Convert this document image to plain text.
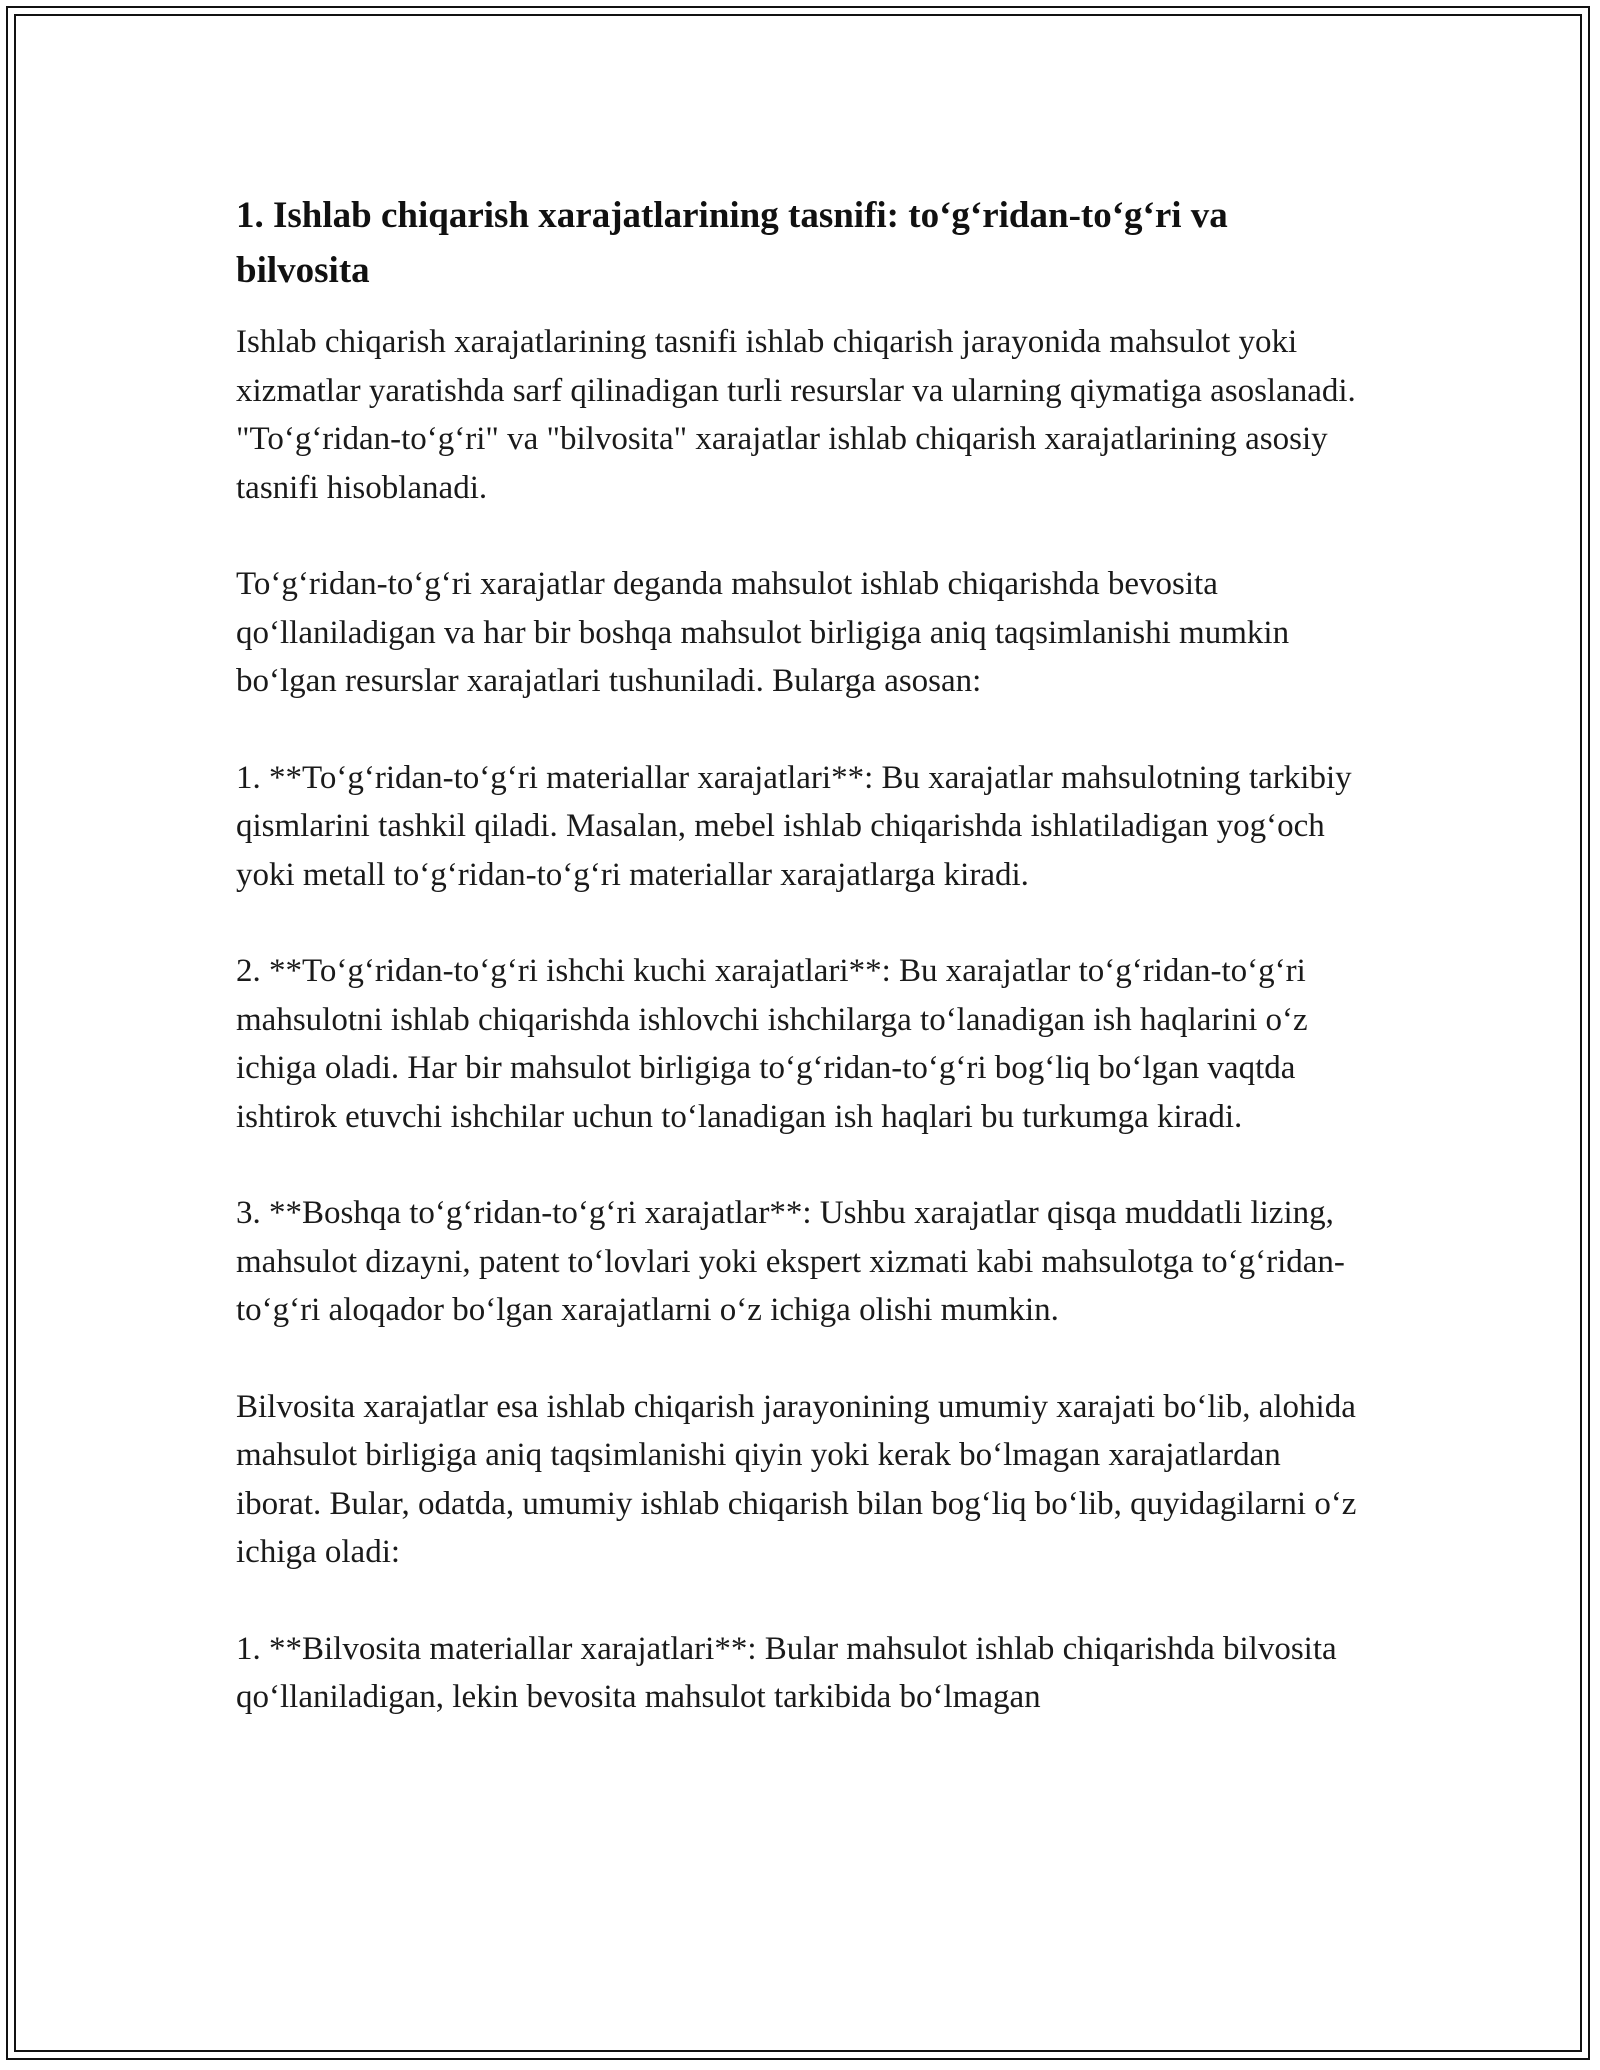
1. Ishlab chiqarish xarajatlarining tasnifi: to‘g‘ridan-to‘g‘ri va bilvosita

Ishlab chiqarish xarajatlarining tasnifi ishlab chiqarish jarayonida mahsulot yoki xizmatlar yaratishda sarf qilinadigan turli resurslar va ularning qiymatiga asoslanadi. "To‘g‘ridan-to‘g‘ri" va "bilvosita" xarajatlar ishlab chiqarish xarajatlarining asosiy tasnifi hisoblanadi.

To‘g‘ridan-to‘g‘ri xarajatlar deganda mahsulot ishlab chiqarishda bevosita qo‘llaniladigan va har bir boshqa mahsulot birligiga aniq taqsimlanishi mumkin bo‘lgan resurslar xarajatlari tushuniladi. Bularga asosan:

1. **To‘g‘ridan-to‘g‘ri materiallar xarajatlari**: Bu xarajatlar mahsulotning tarkibiy qismlarini tashkil qiladi. Masalan, mebel ishlab chiqarishda ishlatiladigan yog‘och yoki metall to‘g‘ridan-to‘g‘ri materiallar xarajatlarga kiradi.

2. **To‘g‘ridan-to‘g‘ri ishchi kuchi xarajatlari**: Bu xarajatlar to‘g‘ridan-to‘g‘ri mahsulotni ishlab chiqarishda ishlovchi ishchilarga to‘lanadigan ish haqlarini o‘z ichiga oladi. Har bir mahsulot birligiga to‘g‘ridan-to‘g‘ri bog‘liq bo‘lgan vaqtda ishtirok etuvchi ishchilar uchun to‘lanadigan ish haqlari bu turkumga kiradi.

3. **Boshqa to‘g‘ridan-to‘g‘ri xarajatlar**: Ushbu xarajatlar qisqa muddatli lizing, mahsulot dizayni, patent to‘lovlari yoki ekspert xizmati kabi mahsulotga to‘g‘ridan-to‘g‘ri aloqador bo‘lgan xarajatlarni o‘z ichiga olishi mumkin.

Bilvosita xarajatlar esa ishlab chiqarish jarayonining umumiy xarajati bo‘lib, alohida mahsulot birligiga aniq taqsimlanishi qiyin yoki kerak bo‘lmagan xarajatlardan iborat. Bular, odatda, umumiy ishlab chiqarish bilan bog‘liq bo‘lib, quyidagilarni o‘z ichiga oladi:

1. **Bilvosita materiallar xarajatlari**: Bular mahsulot ishlab chiqarishda bilvosita qo‘llaniladigan, lekin bevosita mahsulot tarkibida bo‘lmagan
